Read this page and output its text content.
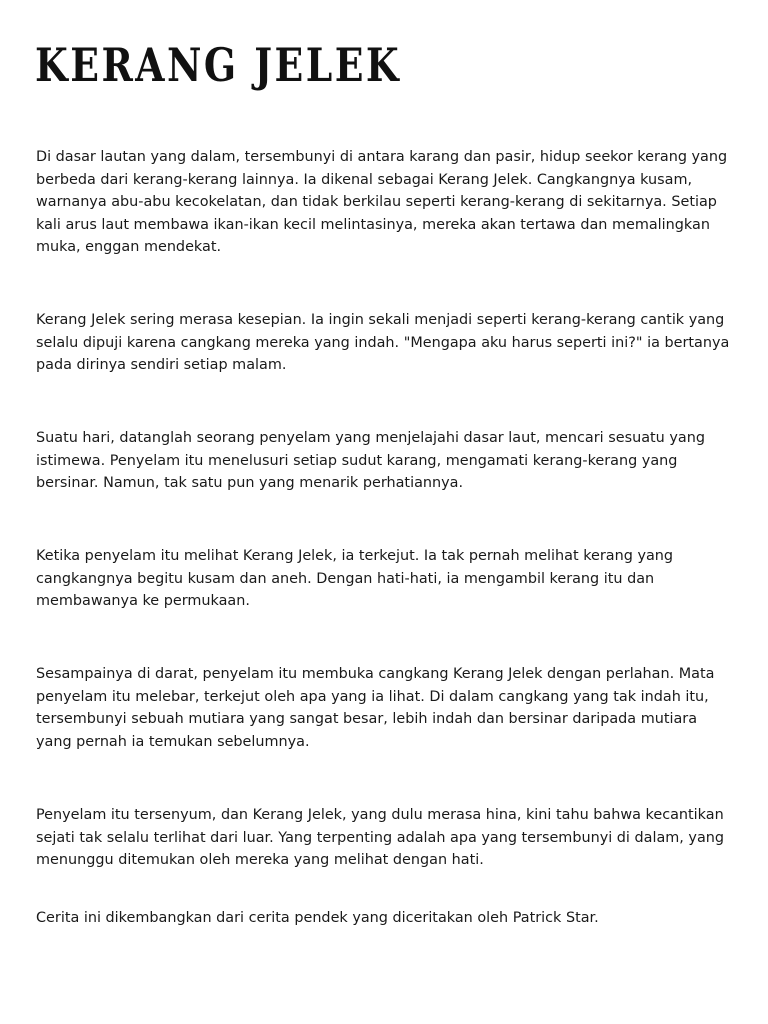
KERANG JELEK

Di dasar lautan yang dalam, tersembunyi di antara karang dan pasir, hidup seekor kerang yang berbeda dari kerang-kerang lainnya. Ia dikenal sebagai Kerang Jelek. Cangkangnya kusam, warnanya abu-abu kecokelatan, dan tidak berkilau seperti kerang-kerang di sekitarnya. Setiap kali arus laut membawa ikan-ikan kecil melintasinya, mereka akan tertawa dan memalingkan muka, enggan mendekat.

Kerang Jelek sering merasa kesepian. Ia ingin sekali menjadi seperti kerang-kerang cantik yang selalu dipuji karena cangkang mereka yang indah. "Mengapa aku harus seperti ini?" ia bertanya pada dirinya sendiri setiap malam.

Suatu hari, datanglah seorang penyelam yang menjelajahi dasar laut, mencari sesuatu yang istimewa. Penyelam itu menelusuri setiap sudut karang, mengamati kerang-kerang yang bersinar. Namun, tak satu pun yang menarik perhatiannya.

Ketika penyelam itu melihat Kerang Jelek, ia terkejut. Ia tak pernah melihat kerang yang cangkangnya begitu kusam dan aneh. Dengan hati-hati, ia mengambil kerang itu dan membawanya ke permukaan.

Sesampainya di darat, penyelam itu membuka cangkang Kerang Jelek dengan perlahan. Mata penyelam itu melebar, terkejut oleh apa yang ia lihat. Di dalam cangkang yang tak indah itu, tersembunyi sebuah mutiara yang sangat besar, lebih indah dan bersinar daripada mutiara yang pernah ia temukan sebelumnya.

Penyelam itu tersenyum, dan Kerang Jelek, yang dulu merasa hina, kini tahu bahwa kecantikan sejati tak selalu terlihat dari luar. Yang terpenting adalah apa yang tersembunyi di dalam, yang menunggu ditemukan oleh mereka yang melihat dengan hati.

Cerita ini dikembangkan dari cerita pendek yang diceritakan oleh Patrick Star.
